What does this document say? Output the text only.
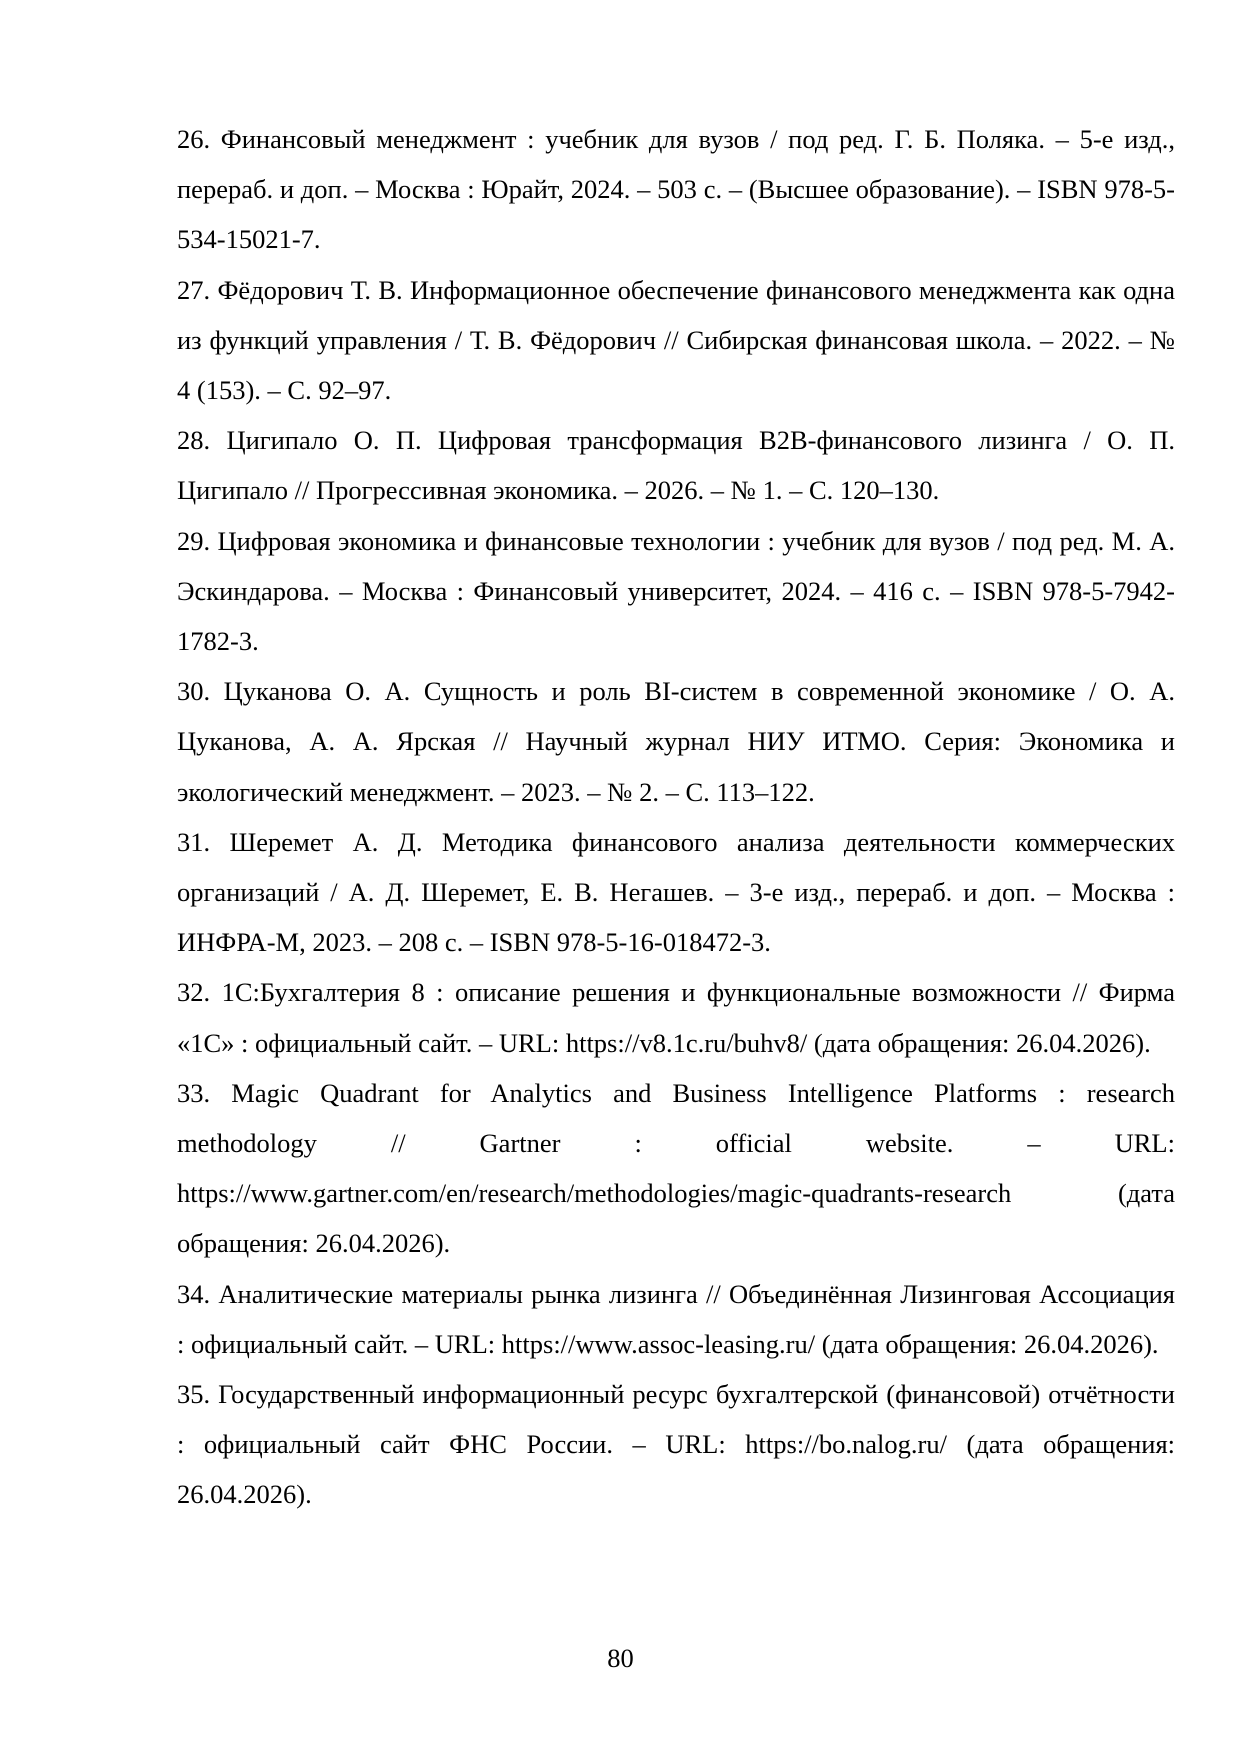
26. Финансовый менеджмент : учебник для вузов / под ред. Г. Б. Поляка. – 5-е изд., перераб. и доп. – Москва : Юрайт, 2024. – 503 с. – (Высшее образование). – ISBN 978-5-534-15021-7.
27. Фёдорович Т. В. Информационное обеспечение финансового менеджмента как одна из функций управления / Т. В. Фёдорович // Сибирская финансовая школа. – 2022. – № 4 (153). – С. 92–97.
28. Цигипало О. П. Цифровая трансформация B2B-финансового лизинга / О. П. Цигипало // Прогрессивная экономика. – 2026. – № 1. – С. 120–130.
29. Цифровая экономика и финансовые технологии : учебник для вузов / под ред. М. А. Эскиндарова. – Москва : Финансовый университет, 2024. – 416 с. – ISBN 978-5-7942-1782-3.
30. Цуканова О. А. Сущность и роль BI-систем в современной экономике / О. А. Цуканова, А. А. Ярская // Научный журнал НИУ ИТМО. Серия: Экономика и экологический менеджмент. – 2023. – № 2. – С. 113–122.
31. Шеремет А. Д. Методика финансового анализа деятельности коммерческих организаций / А. Д. Шеремет, Е. В. Негашев. – 3-е изд., перераб. и доп. – Москва : ИНФРА-М, 2023. – 208 с. – ISBN 978-5-16-018472-3.
32. 1С:Бухгалтерия 8 : описание решения и функциональные возможности // Фирма «1С» : официальный сайт. – URL: https://v8.1c.ru/buhv8/ (дата обращения: 26.04.2026).
33. Magic Quadrant for Analytics and Business Intelligence Platforms : research methodology // Gartner : official website. – URL: https://www.gartner.com/en/research/methodologies/magic-quadrants-research (дата обращения: 26.04.2026).
34. Аналитические материалы рынка лизинга // Объединённая Лизинговая Ассоциация : официальный сайт. – URL: https://www.assoc-leasing.ru/ (дата обращения: 26.04.2026).
35. Государственный информационный ресурс бухгалтерской (финансовой) отчётности : официальный сайт ФНС России. – URL: https://bo.nalog.ru/ (дата обращения: 26.04.2026).
80
